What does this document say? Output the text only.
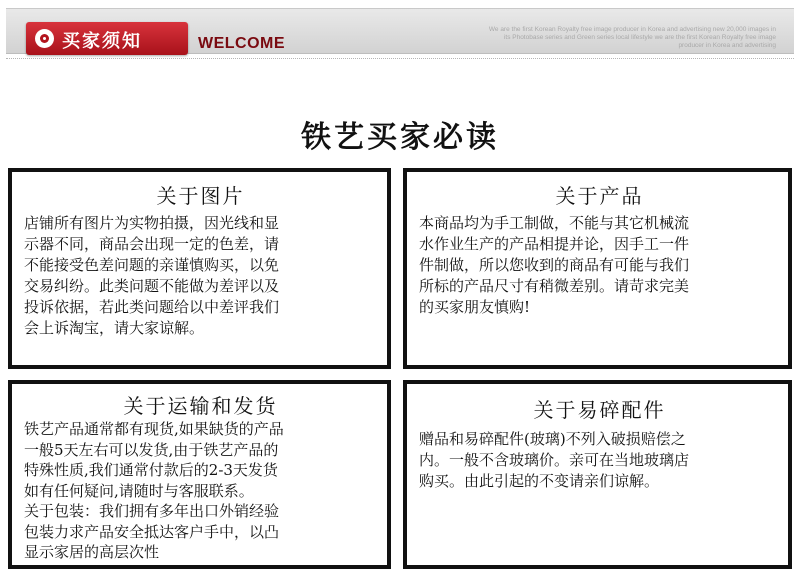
买家须知	WELCOME
We are the first Korean Royalty free image producer in Korea and advertising new 20,000 images in its Photobase series and Green series local lifestyle we are the first Korean Royalty free image producer in Korea and advertising
铁艺买家必读
关于图片

店铺所有图片为实物拍摄，因光线和显

示器不同，商品会出现一定的色差，请

不能接受色差问题的亲谨慎购买，以免

交易纠纷。此类问题不能做为差评以及

投诉依据，若此类问题给以中差评我们

会上诉淘宝，请大家谅解。

关于产品

本商品均为手工制做，不能与其它机械流

水作业生产的产品相提并论，因手工一件

件制做，所以您收到的商品有可能与我们

所标的产品尺寸有稍微差别。请苛求完美

的买家朋友慎购!

关于运输和发货

铁艺产品通常都有现货,如果缺货的产品

一般5天左右可以发货,由于铁艺产品的

特殊性质,我们通常付款后的2-3天发货

如有任何疑问,请随时与客服联系。

关于包装：我们拥有多年出口外销经验

包装力求产品安全抵达客户手中，以凸

显示家居的高层次性

关于易碎配件

赠品和易碎配件(玻璃)不列入破损赔偿之

内。一般不含玻璃价。亲可在当地玻璃店

购买。由此引起的不变请亲们谅解。
